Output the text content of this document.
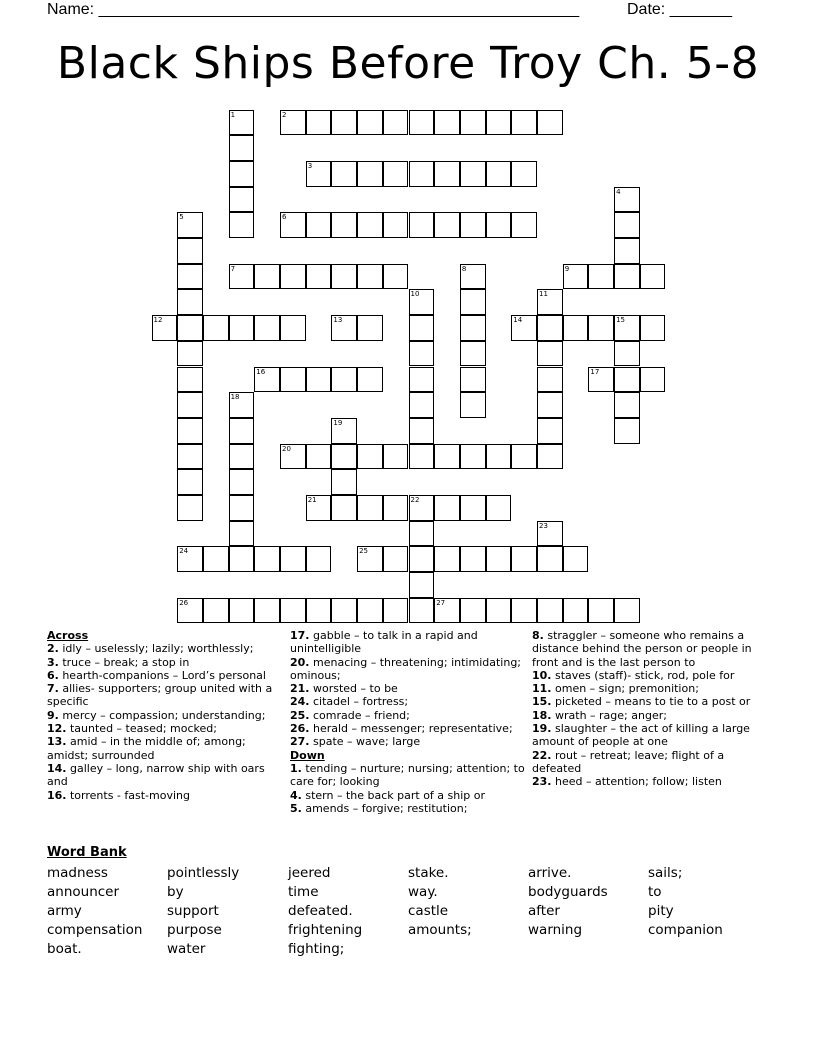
Name: ______________________________________________________	Date: _______
Black Ships Before Troy Ch. 5-8
1	2
3
4
5	6
7	8	9
10	11
12	13	14	15
16	17
18
19
20
21	22
23
24	25
26	27
Across
2. idly – uselessly; lazily; worthlessly;
3. truce – break; a stop in
6. hearth-companions – Lord’s personal
7. allies- supporters; group united with a specific
9. mercy – compassion; understanding;
12. taunted – teased; mocked;
13. amid – in the middle of; among; amidst; surrounded
14. galley – long, narrow ship with oars and
16. torrents - fast-moving
17. gabble – to talk in a rapid and unintelligible
20. menacing – threatening; intimidating; ominous;
21. worsted – to be
24. citadel – fortress;
25. comrade – friend;
26. herald – messenger; representative;
27. spate – wave; large
Down
1. tending – nurture; nursing; attention; to care for; looking
4. stern – the back part of a ship or
5. amends – forgive; restitution;
8. straggler – someone who remains a distance behind the person or people in front and is the last person to
10. staves (staff)- stick, rod, pole for
11. omen – sign; premonition;
15. picketed – means to tie to a post or
18. wrath – rage; anger;
19. slaughter – the act of killing a large amount of people at one
22. rout – retreat; leave; flight of a defeated
23. heed – attention; follow; listen
Word Bank
madness
announcer
army
compensation
boat.
pointlessly
by
support
purpose
water
jeered
time
defeated.
frightening
fighting;
stake.
way.
castle
amounts;
arrive.
bodyguards
after
warning
sails;
to
pity
companion
